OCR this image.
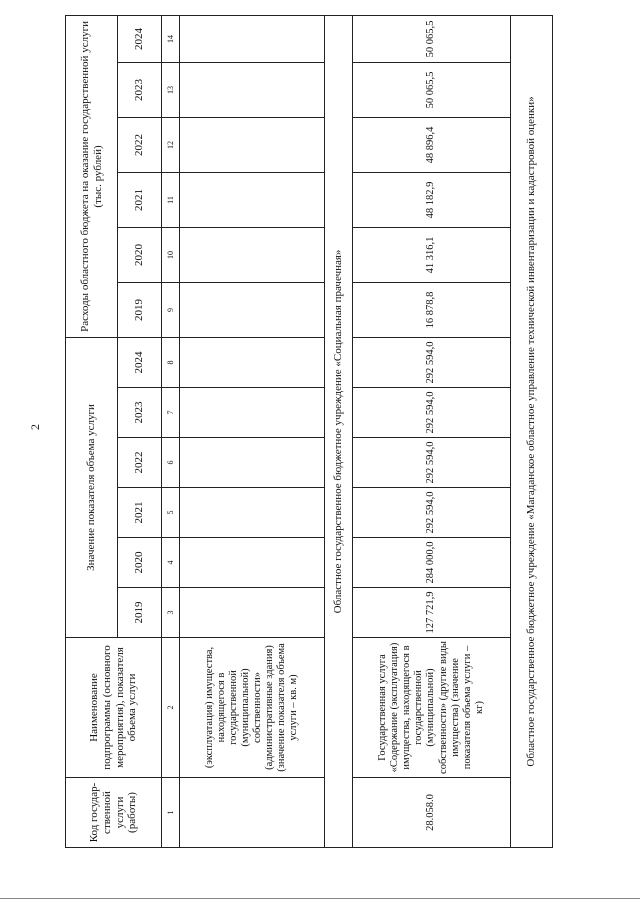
2
Код государ-ственной услуги (работы)	Наименование подпрограммы (основного мероприятия), показателя объема услуги	Значение показателя объема услуги						Расходы областного бюджета на оказание государственной услуги (тыс. рублей)					
		2019	2020	2021	2022	2023	2024	2019	2020	2021	2022	2023	2024
1	2	3	4	5	6	7	8	9	10	11	12	13	14
	(эксплуатация) имущества, находящегося в государственной (муниципальной) собственности» (административные здания) (значение показателя объема услуги – кв. м)												
Областное государственное бюджетное учреждение «Социальная прачечная»													
28.058.0	Государственная услуга «Содержание (эксплуатация) имущества, находящегося в государственной (муниципальной) собственности» (другие виды имущества) (значение показателя объема услуги – кг)	127 721,9	284 000,0	292 594,0	292 594,0	292 594,0	292 594,0	16 878,8	41 316,1	48 182,9	48 896,4	50 065,5	50 065,5
Областное государственное бюджетное учреждение «Магаданское областное управление технической инвентаризации и кадастровой оценки»													
